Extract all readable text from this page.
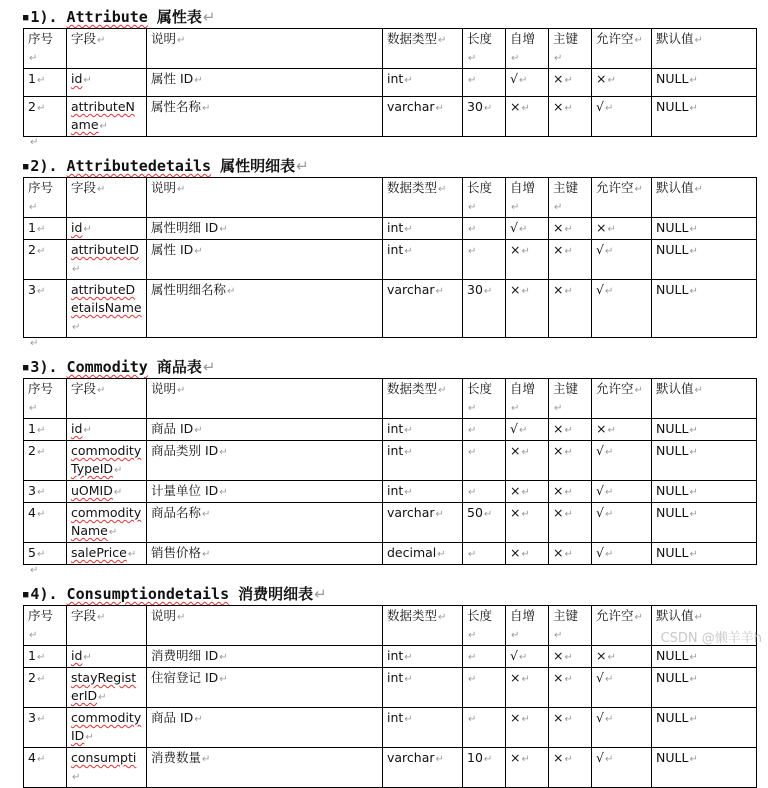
■ 1). Attribute 属性表↵
序号↵	字段↵	说明↵	数据类型↵	长度↵	自增↵	主键↵	允许空↵	默认值↵
1↵	id↵	属性 ID↵	int↵	↵	√↵	×↵	×↵	NULL↵
2↵	attributeName↵	属性名称↵	varchar↵	30↵	×↵	×↵	√↵	NULL↵
↵
■ 2). Attributedetails 属性明细表↵
序号↵	字段↵	说明↵	数据类型↵	长度↵	自增↵	主键↵	允许空↵	默认值↵
1↵	id↵	属性明细 ID↵	int↵	↵	√↵	×↵	×↵	NULL↵
2↵	attributeID↵	属性 ID↵	int↵	↵	×↵	×↵	√↵	NULL↵
3↵	attributeDetailsName↵	属性明细名称↵	varchar↵	30↵	×↵	×↵	√↵	NULL↵
↵
■ 3). Commodity 商品表↵
序号↵	字段↵	说明↵	数据类型↵	长度↵	自增↵	主键↵	允许空↵	默认值↵
1↵	id↵	商品 ID↵	int↵	↵	√↵	×↵	×↵	NULL↵
2↵	commodityTypeID↵	商品类别 ID↵	int↵	↵	×↵	×↵	√↵	NULL↵
3↵	uOMID↵	计量单位 ID↵	int↵	↵	×↵	×↵	√↵	NULL↵
4↵	commodityName↵	商品名称↵	varchar↵	50↵	×↵	×↵	√↵	NULL↵
5↵	salePrice↵	销售价格↵	decimal↵	↵	×↵	×↵	√↵	NULL↵
↵
■ 4). Consumptiondetails 消费明细表↵
序号↵	字段↵	说明↵	数据类型↵	长度↵	自增↵	主键↵	允许空↵	默认值↵
1↵	id↵	消费明细 ID↵	int↵	↵	√↵	×↵	×↵	NULL↵
2↵	stayRegisterID↵	住宿登记 ID↵	int↵	↵	×↵	×↵	√↵	NULL↵
3↵	commodityID↵	商品 ID↵	int↵	↵	×↵	×↵	√↵	NULL↵
4↵	consumpti↵	消费数量↵	varchar↵	10↵	×↵	×↵	√↵	NULL↵
CSDN @懒羊羊h
